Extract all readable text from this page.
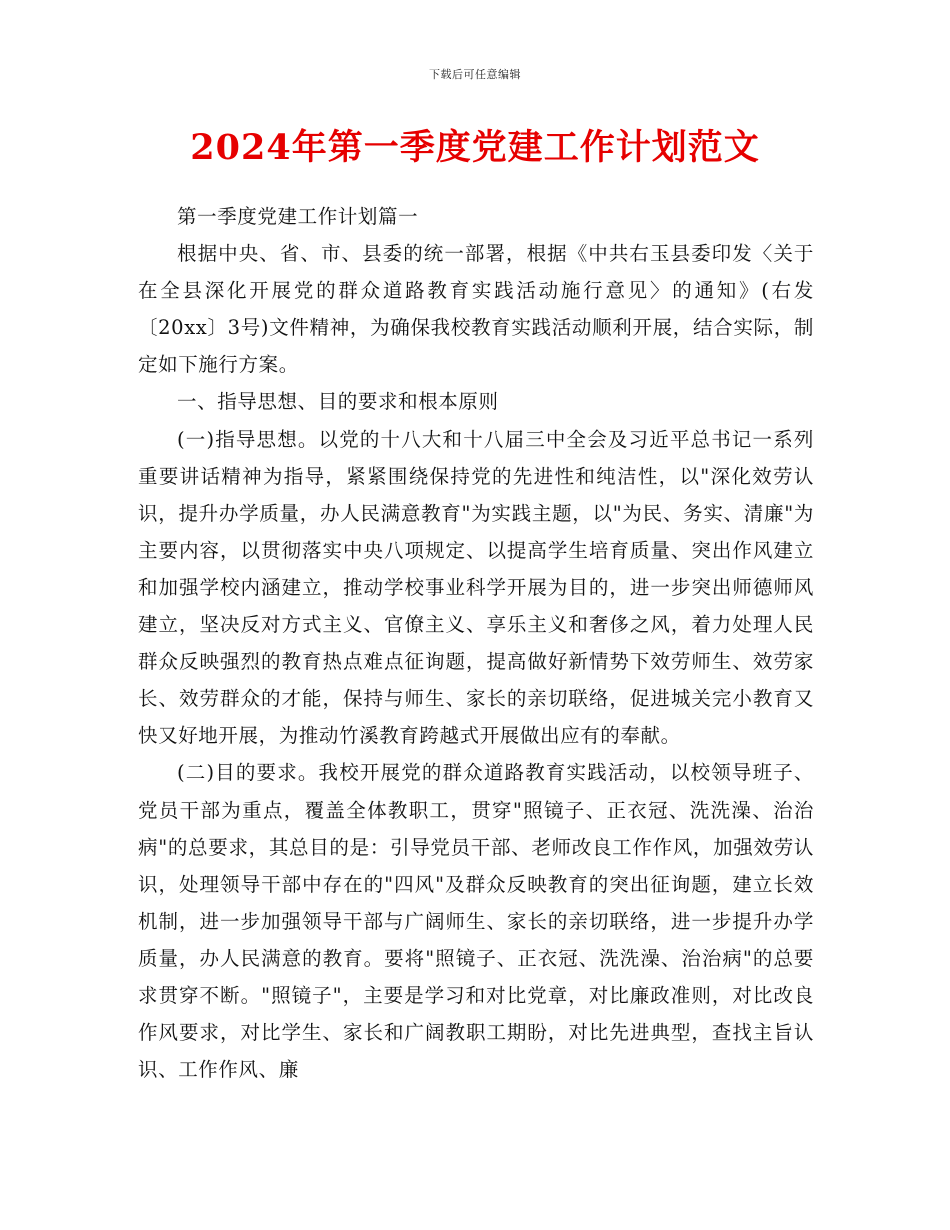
下载后可任意编辑
2024年第一季度党建工作计划范文

第一季度党建工作计划篇一

根据中央、省、市、县委的统一部署，根据《中共右玉县委印发〈关于在全县深化开展党的群众道路教育实践活动施行意见〉的通知》(右发〔20xx〕3号)文件精神，为确保我校教育实践活动顺利开展，结合实际，制定如下施行方案。

一、指导思想、目的要求和根本原则

(一)指导思想。以党的十八大和十八届三中全会及习近平总书记一系列重要讲话精神为指导，紧紧围绕保持党的先进性和纯洁性，以"深化效劳认识，提升办学质量，办人民满意教育"为实践主题，以"为民、务实、清廉"为主要内容，以贯彻落实中央八项规定、以提高学生培育质量、突出作风建立和加强学校内涵建立，推动学校事业科学开展为目的，进一步突出师德师风建立，坚决反对方式主义、官僚主义、享乐主义和奢侈之风，着力处理人民群众反映强烈的教育热点难点征询题，提高做好新情势下效劳师生、效劳家长、效劳群众的才能，保持与师生、家长的亲切联络，促进城关完小教育又快又好地开展，为推动竹溪教育跨越式开展做出应有的奉献。

(二)目的要求。我校开展党的群众道路教育实践活动，以校领导班子、党员干部为重点，覆盖全体教职工，贯穿"照镜子、正衣冠、洗洗澡、治治病"的总要求，其总目的是：引导党员干部、老师改良工作作风，加强效劳认识，处理领导干部中存在的"四风"及群众反映教育的突出征询题，建立长效机制，进一步加强领导干部与广阔师生、家长的亲切联络，进一步提升办学质量，办人民满意的教育。要将"照镜子、正衣冠、洗洗澡、治治病"的总要求贯穿不断。"照镜子"，主要是学习和对比党章，对比廉政准则，对比改良作风要求，对比学生、家长和广阔教职工期盼，对比先进典型，查找主旨认识、工作作风、廉
